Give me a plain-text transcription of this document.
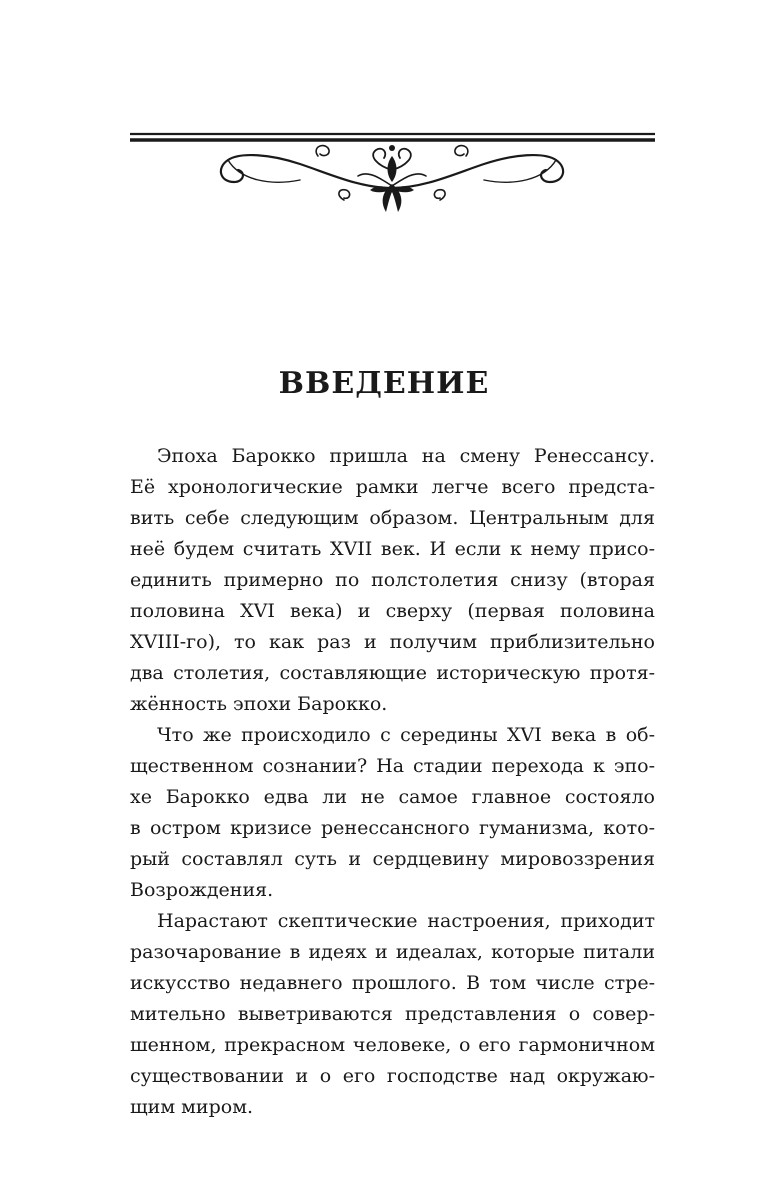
ВВЕДЕНИЕ
Эпоха Барокко пришла на смену Ренессансу.
Её хронологические рамки легче всего предста-
вить себе следующим образом. Центральным для
неё будем считать XVII век. И если к нему присо-
единить примерно по полстолетия снизу (вторая
половина XVI века) и сверху (первая половина
XVIII-го), то как раз и получим приблизительно
два столетия, составляющие историческую протя-
жённость эпохи Барокко.
Что же происходило с середины XVI века в об-
щественном сознании? На стадии перехода к эпо-
хе Барокко едва ли не самое главное состояло
в остром кризисе ренессансного гуманизма, кото-
рый составлял суть и сердцевину мировоззрения
Возрождения.
Нарастают скептические настроения, приходит
разочарование в идеях и идеалах, которые питали
искусство недавнего прошлого. В том числе стре-
мительно выветриваются представления о совер-
шенном, прекрасном человеке, о его гармоничном
существовании и о его господстве над окружаю-
щим миром.
